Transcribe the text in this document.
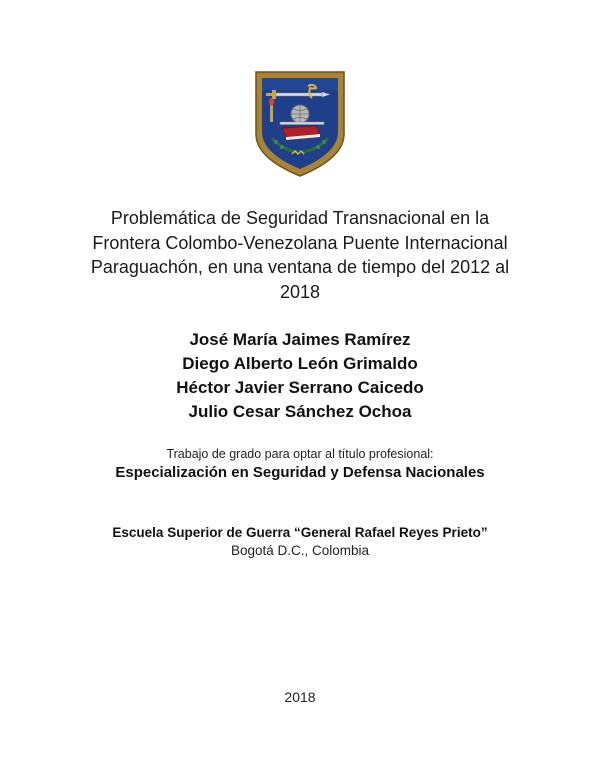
Problemática de Seguridad Transnacional en la
Frontera Colombo-Venezolana Puente Internacional
Paraguachón, en una ventana de tiempo del 2012 al
2018
José María Jaimes Ramírez
Diego Alberto León Grimaldo
Héctor Javier Serrano Caicedo
Julio Cesar Sánchez Ochoa
Trabajo de grado para optar al título profesional:
Especialización en Seguridad y Defensa Nacionales
Escuela Superior de Guerra “General Rafael Reyes Prieto”
Bogotá D.C., Colombia
2018
